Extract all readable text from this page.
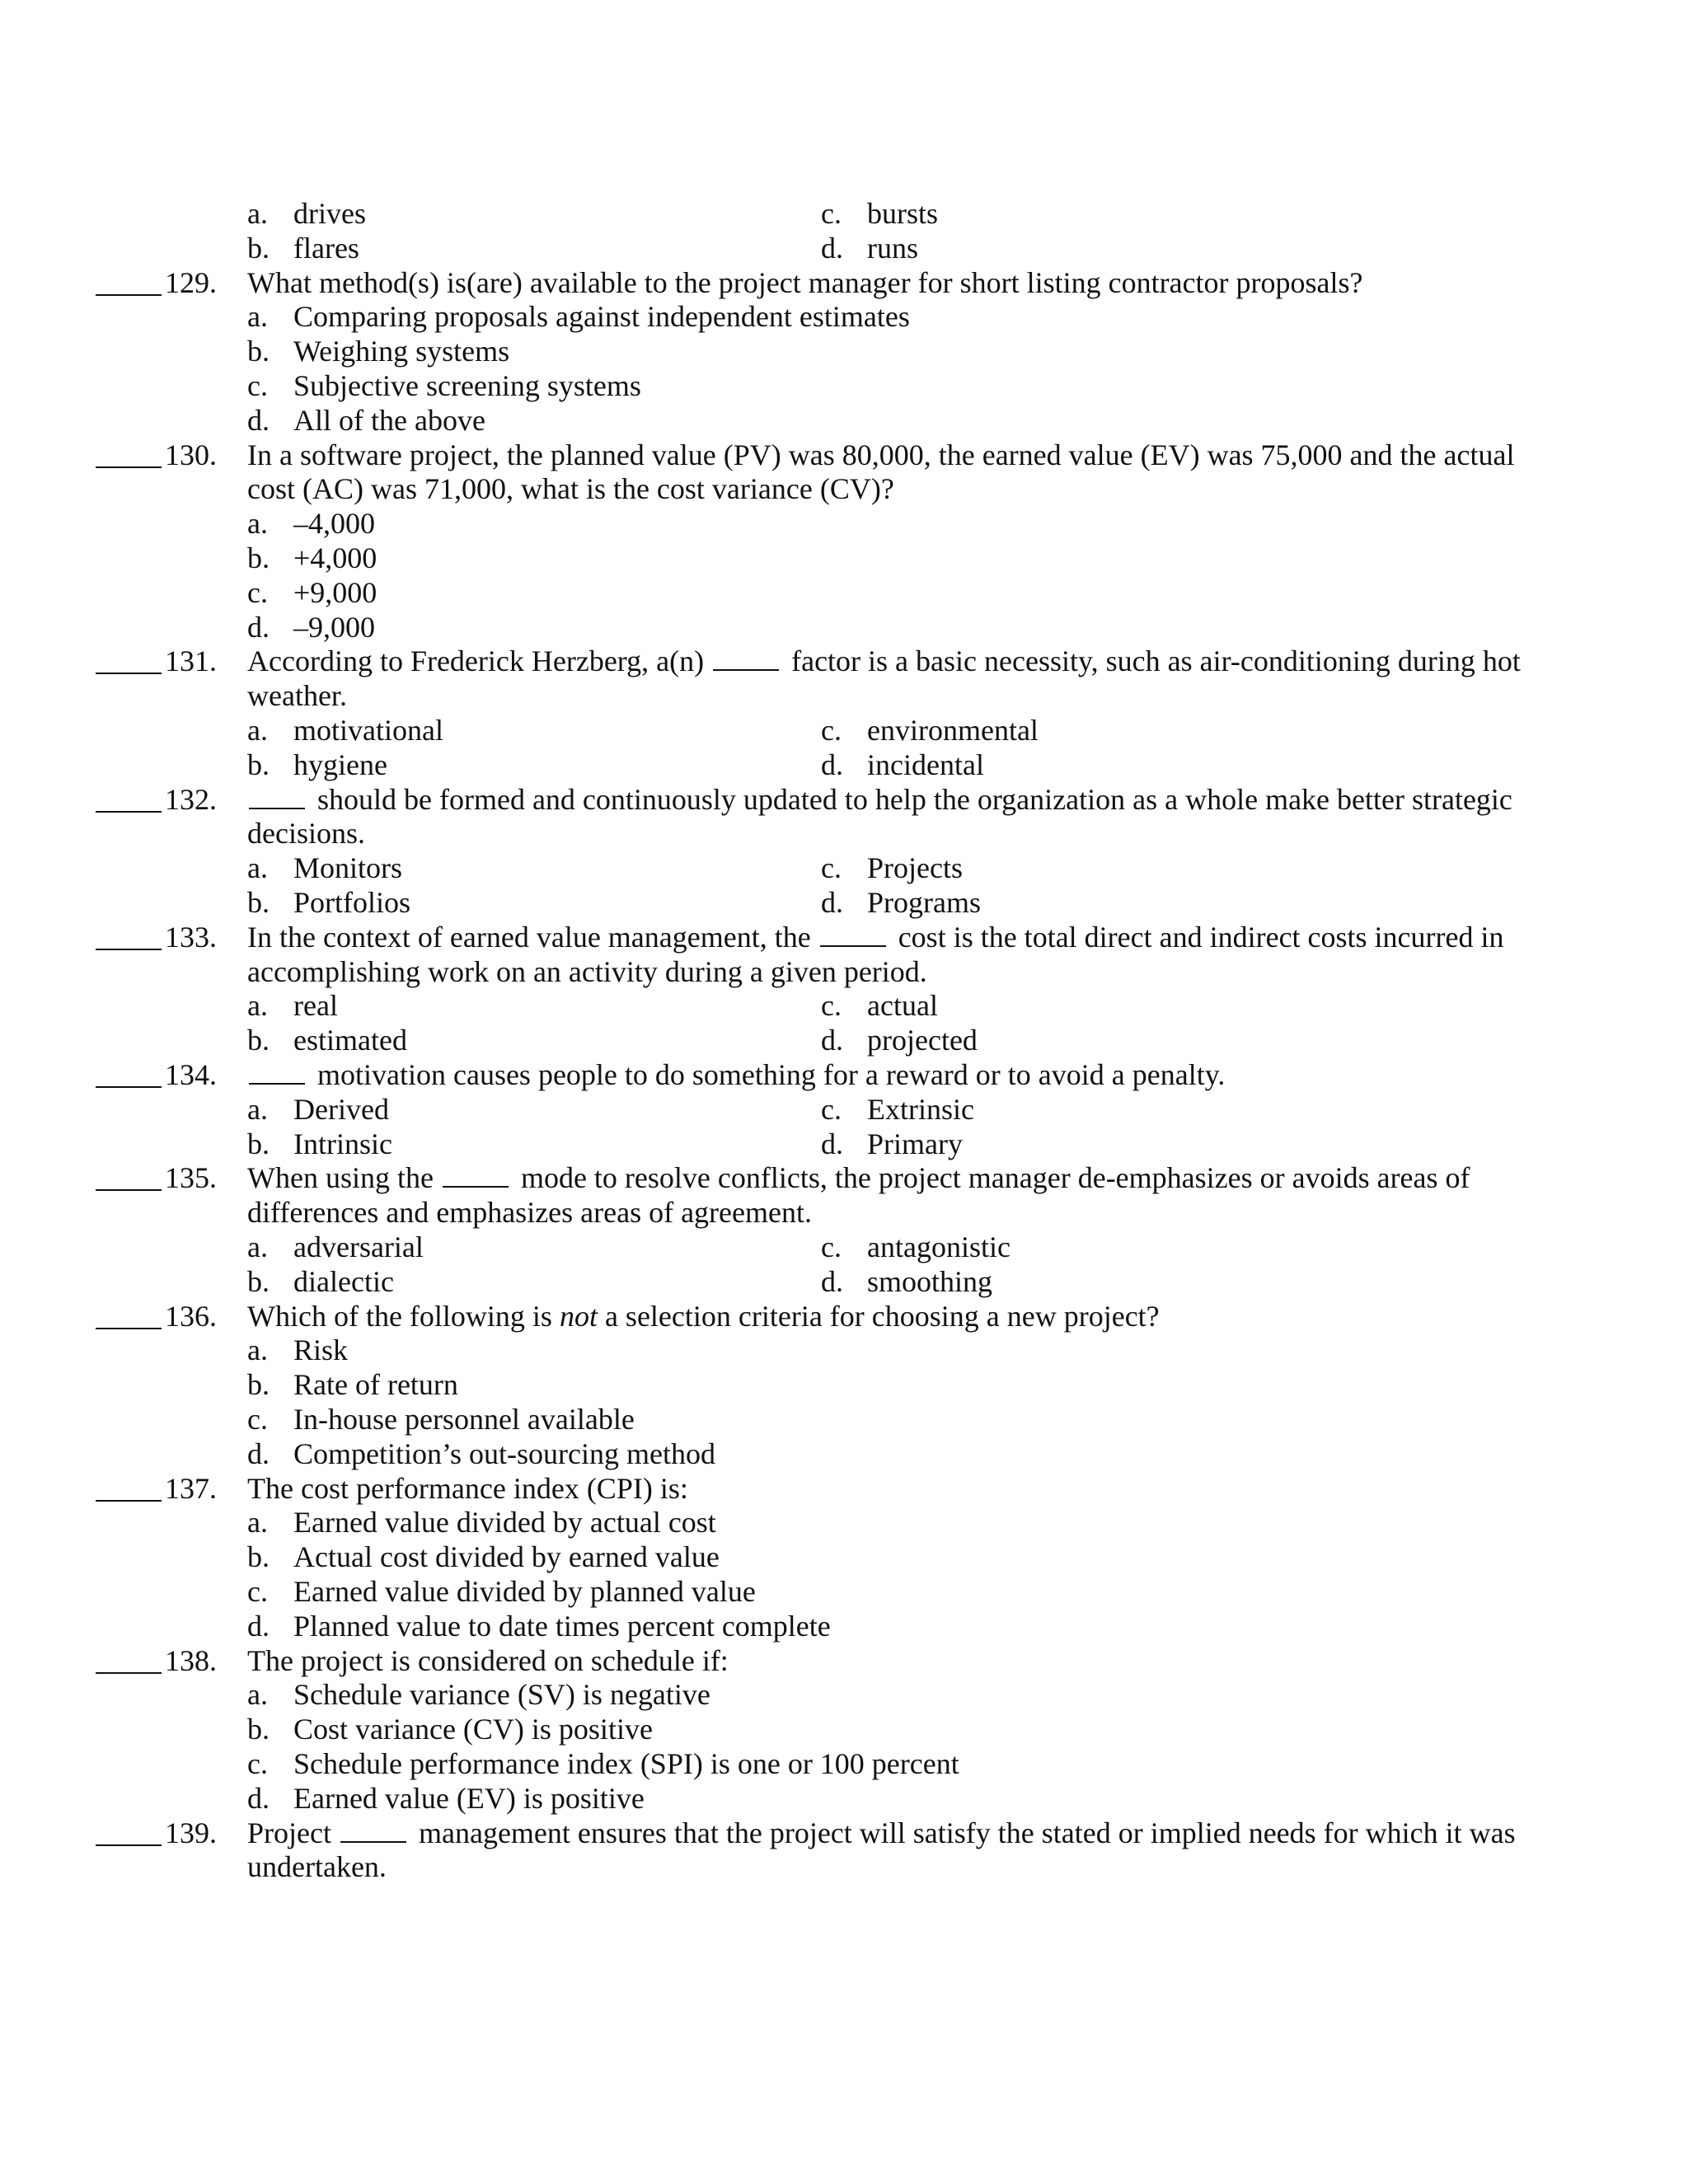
a. drives	c. bursts
b. flares	d. runs
129. What method(s) is(are) available to the project manager for short listing contractor proposals?
a. Comparing proposals against independent estimates
b. Weighing systems
c. Subjective screening systems
d. All of the above
130. In a software project, the planned value (PV) was 80,000, the earned value (EV) was 75,000 and the actual
cost (AC) was 71,000, what is the cost variance (CV)?
a. –4,000
b. +4,000
c. +9,000
d. –9,000
131. According to Frederick Herzberg, a(n)  factor is a basic necessity, such as air-conditioning during hot
weather.
a. motivational	c. environmental
b. hygiene	d. incidental
132.	should be formed and continuously updated to help the organization as a whole make better strategic
decisions.
a. Monitors	c. Projects
b. Portfolios	d. Programs
133. In the context of earned value management, the  cost is the total direct and indirect costs incurred in
accomplishing work on an activity during a given period.
a. real	c. actual
b. estimated	d. projected
134.	motivation causes people to do something for a reward or to avoid a penalty.
a. Derived	c. Extrinsic
b. Intrinsic	d. Primary
135. When using the  mode to resolve conflicts, the project manager de-emphasizes or avoids areas of
differences and emphasizes areas of agreement.
a. adversarial	c. antagonistic
b. dialectic	d. smoothing
136. Which of the following is not a selection criteria for choosing a new project?
a. Risk
b. Rate of return
c. In-house personnel available
d. Competition’s out-sourcing method
137. The cost performance index (CPI) is:
a. Earned value divided by actual cost
b. Actual cost divided by earned value
c. Earned value divided by planned value
d. Planned value to date times percent complete
138. The project is considered on schedule if:
a. Schedule variance (SV) is negative
b. Cost variance (CV) is positive
c. Schedule performance index (SPI) is one or 100 percent
d. Earned value (EV) is positive
139. Project  management ensures that the project will satisfy the stated or implied needs for which it was
undertaken.
